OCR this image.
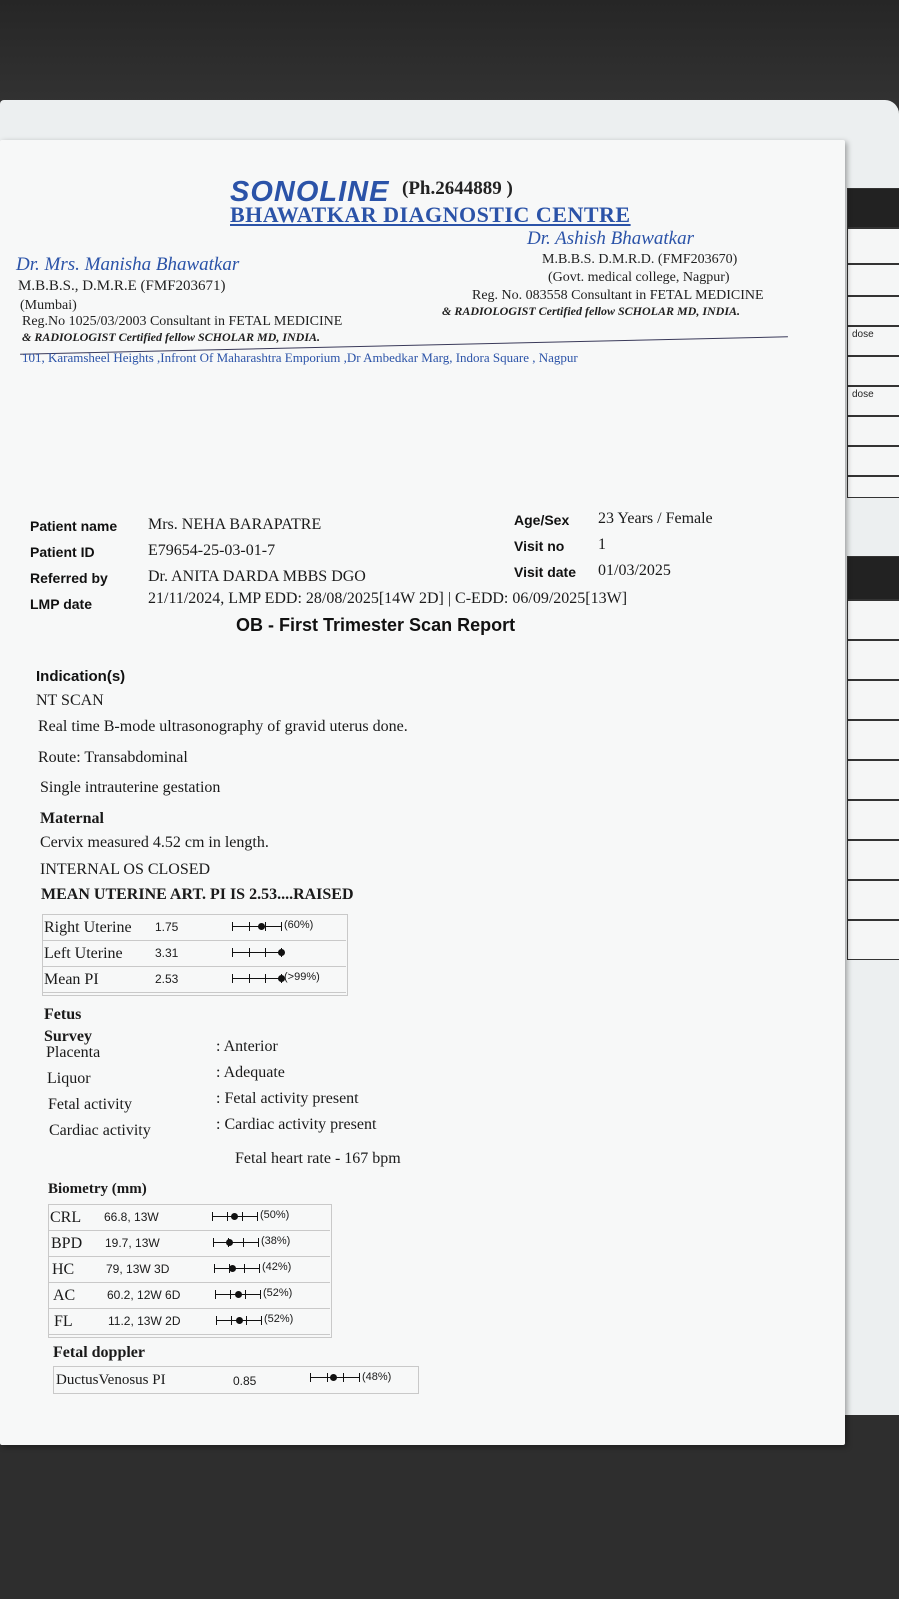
dose
dose
SONOLINE (Ph.2644889 )
BHAWATKAR DIAGNOSTIC CENTRE
Dr. Mrs. Manisha Bhawatkar
M.B.B.S., D.M.R.E (FMF203671)
(Mumbai)
Reg.No 1025/03/2003 Consultant in FETAL MEDICINE
& RADIOLOGIST Certified fellow SCHOLAR MD, INDIA.
Dr. Ashish Bhawatkar
M.B.B.S. D.M.R.D. (FMF203670)
(Govt. medical college, Nagpur)
Reg. No. 083558 Consultant in FETAL MEDICINE
& RADIOLOGIST Certified fellow SCHOLAR MD, INDIA.
101, Karamsheel Heights ,Infront Of Maharashtra Emporium ,Dr Ambedkar Marg, Indora Square , Nagpur
Patient name Mrs. NEHA BARAPATRE
Patient ID	E79654-25-03-01-7
Referred by	Dr. ANITA DARDA MBBS DGO
LMP date	21/11/2024, LMP EDD: 28/08/2025[14W 2D] | C-EDD: 06/09/2025[13W]
Age/Sex 23 Years / Female
Visit no 1
Visit date 01/03/2025
OB - First Trimester Scan Report
Indication(s)
NT SCAN
Real time B-mode ultrasonography of gravid uterus done.
Route: Transabdominal
Single intrauterine gestation
Maternal
Cervix measured 4.52 cm in length.
INTERNAL OS CLOSED
MEAN UTERINE ART. PI IS 2.53....RAISED
Right Uterine 1.75	(60%)
Left Uterine	3.31
Mean PI	2.53	(>99%)
Fetus
Survey
Placenta	: Anterior
Liquor	: Adequate
Fetal activity	: Fetal activity present
Cardiac activity	: Cardiac activity present
Fetal heart rate - 167 bpm
Biometry (mm)
CRL 66.8, 13W	(50%)
BPD 19.7, 13W	(38%)
HC	79, 13W 3D	(42%)
AC	60.2, 12W 6D	(52%)
FL	11.2, 13W 2D	(52%)
Fetal doppler
DuctusVenosus PI	0.85	(48%)
